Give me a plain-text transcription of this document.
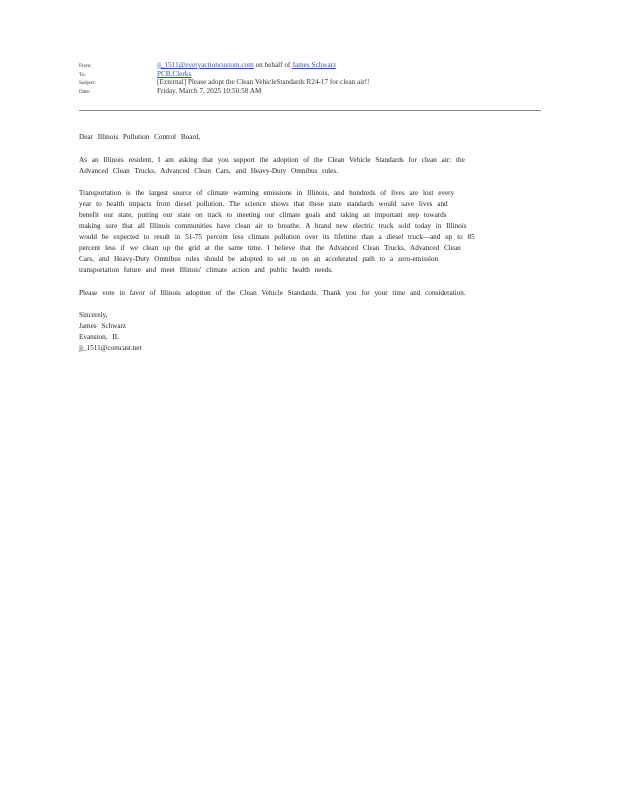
From:	jj_1511@everyactioncustom.com on behalf of James Schwarz
To:	PCB.Clerks
Subject:	[External] Please adopt the Clean VehicleStandards R24-17 for clean air!!
Date:	Friday, March 7, 2025 10:50:58 AM

Dear Illinois Pollution Control Board,

As an Illinois resident, I am asking that you support the adoption of the Clean Vehicle Standards for clean air: the
Advanced Clean Trucks, Advanced Clean Cars, and Heavy-Duty Omnibus rules.

Transportation is the largest source of climate warming emissions in Illinois, and hundreds of lives are lost every
year to health impacts from diesel pollution. The science shows that these state standards would save lives and
benefit our state, putting our state on track to meeting our climate goals and taking an important step towards
making sure that all Illinois communities have clean air to breathe. A brand new electric truck sold today in Illinois
would be expected to result in 51-75 percent less climate pollution over its lifetime than a diesel truck—and up to 85
percent less if we clean up the grid at the same time. I believe that the Advanced Clean Trucks, Advanced Clean
Cars, and Heavy-Duty Omnibus rules should be adopted to set us on an accelerated path to a zero-emission
transportation future and meet Illinois' climate action and public health needs.

Please vote in favor of Illinois adoption of the Clean Vehicle Standards. Thank you for your time and consideration.

Sincerely,
James Schwarz
Evanston, IL
jj_1511@comcast.net
